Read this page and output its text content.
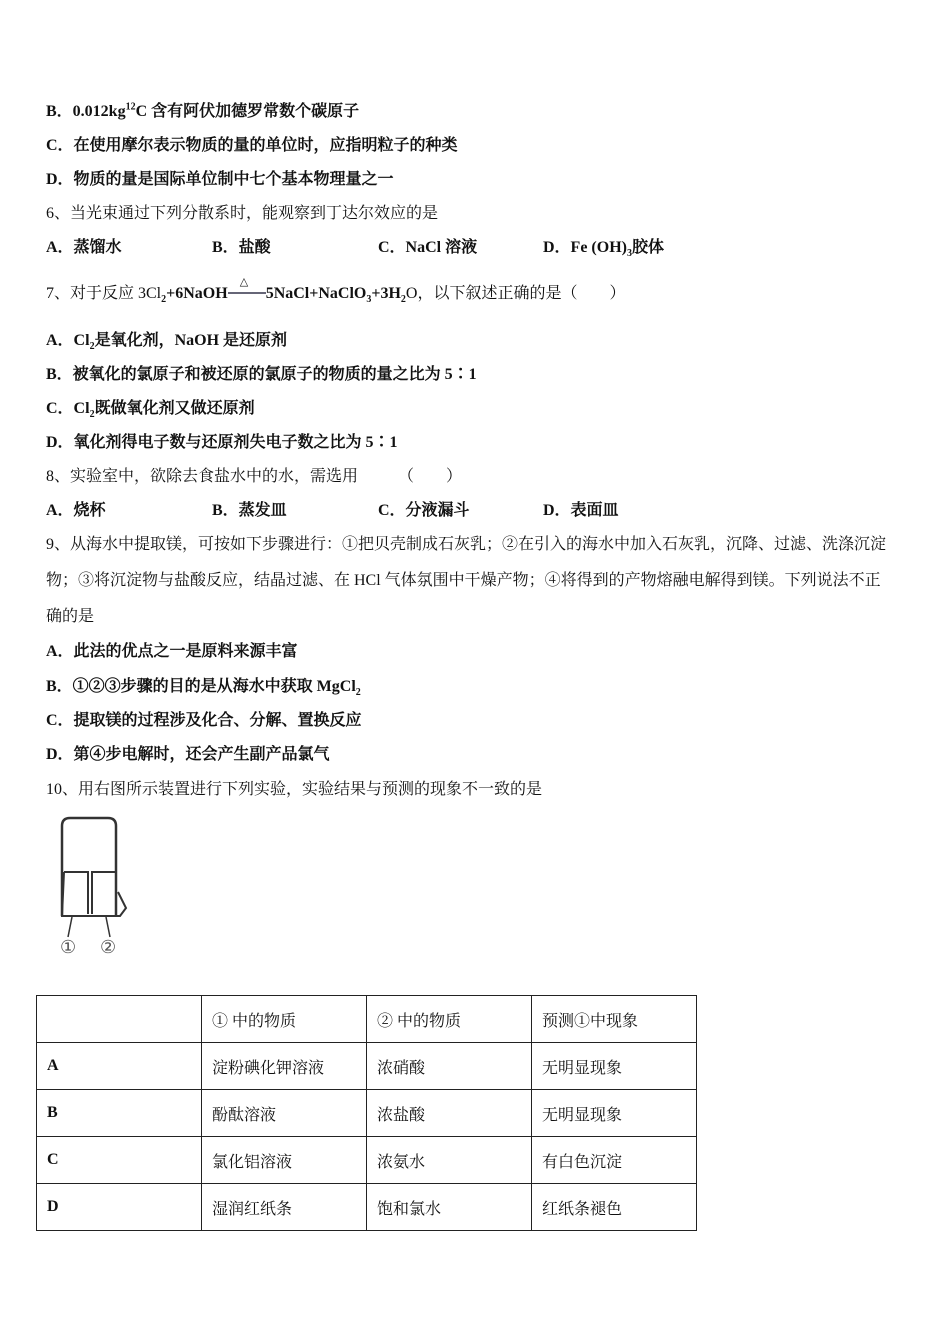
B．$0.012kg^{12}C$ 含有阿伏加德罗常数个碳原子
C．在使用摩尔表示物质的量的单位时，应指明粒子的种类
D．物质的量是国际单位制中七个基本物理量之一
6、当光束通过下列分散系时，能观察到丁达尔效应的是
A．蒸馏水	B．盐酸	C．NaCl 溶液	D．Fe $(OH)_3$胶体
7、对于反应 $3Cl_2+6NaOH$
△
$5NaCl+NaClO_3+3H_2O$，以下叙述正确的是（　　）
A．$Cl_2$是氧化剂，NaOH 是还原剂
B．被氧化的氯原子和被还原的氯原子的物质的量之比为 5∶1
C．$Cl_2$既做氧化剂又做还原剂
D．氧化剂得电子数与还原剂失电子数之比为 5∶1
8、实验室中，欲除去食盐水中的水，需选用　　　（　　）
A．烧杯	B．蒸发皿	C．分液漏斗	D．表面皿
9、从海水中提取镁，可按如下步骤进行：①把贝壳制成石灰乳；②在引入的海水中加入石灰乳，沉降、过滤、洗涤沉淀
物；③将沉淀物与盐酸反应，结晶过滤、在 HCl 气体氛围中干燥产物；④将得到的产物熔融电解得到镁。下列说法不正
确的是
A．此法的优点之一是原料来源丰富
B．①②③步骤的目的是从海水中获取 MgCl$_2$
C．提取镁的过程涉及化合、分解、置换反应
D．第④步电解时，还会产生副产品氯气
10、用右图所示装置进行下列实验，实验结果与预测的现象不一致的是
① ②
	① 中的物质	② 中的物质	预测①中现象
A	淀粉碘化钾溶液	浓硝酸	无明显现象
B	酚酞溶液	浓盐酸	无明显现象
C	氯化铝溶液	浓氨水	有白色沉淀
D	湿润红纸条	饱和氯水	红纸条褪色
